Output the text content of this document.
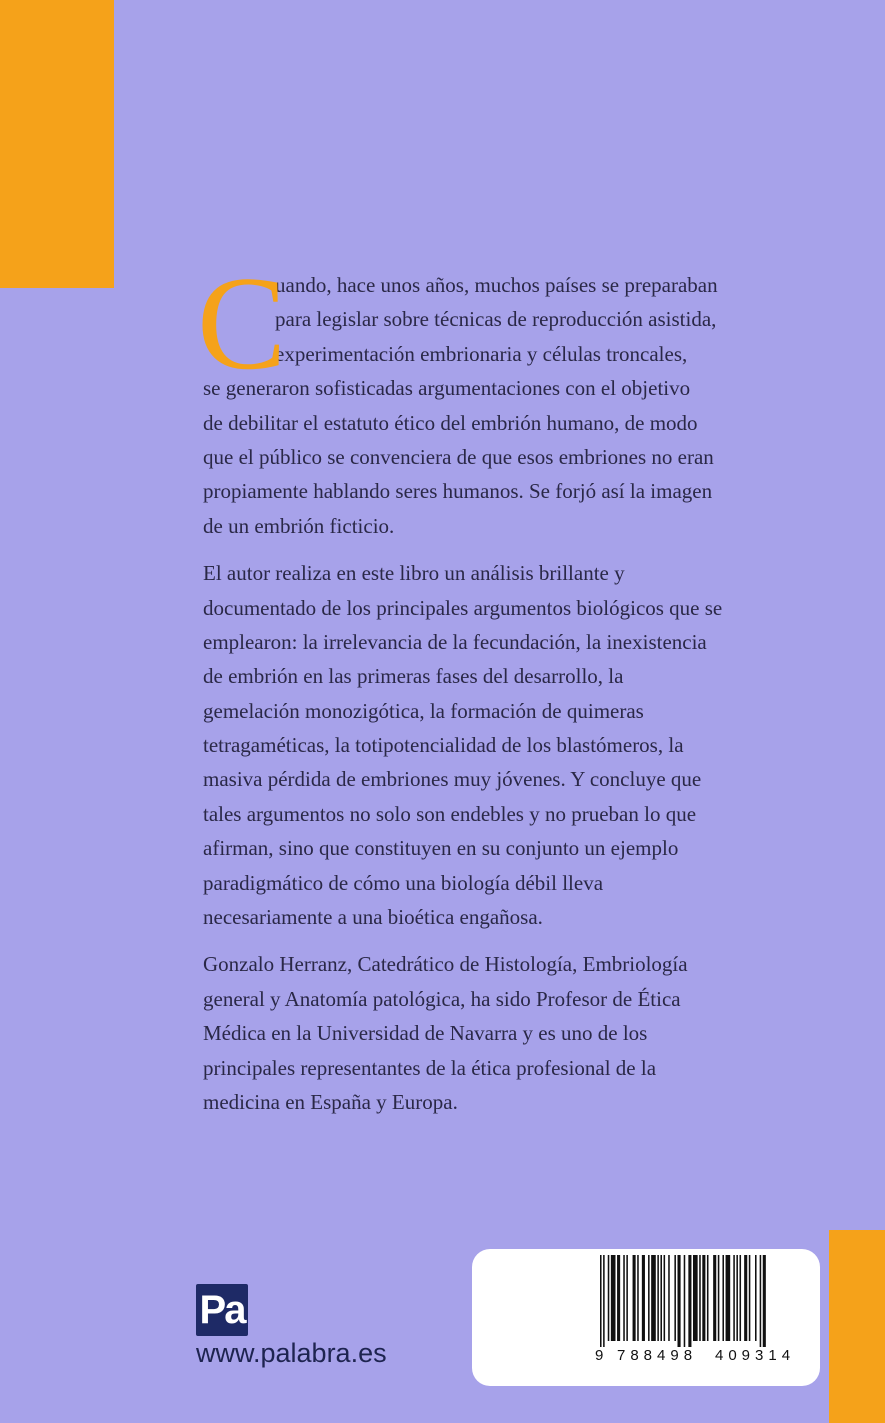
C

uando, hace unos años, muchos países se preparaban
para legislar sobre técnicas de reproducción asistida,
experimentación embrionaria y células troncales,
se generaron sofisticadas argumentaciones con el objetivo
de debilitar el estatuto ético del embrión humano, de modo
que el público se convenciera de que esos embriones no eran
propiamente hablando seres humanos. Se forjó así la imagen
de un embrión ficticio.

El autor realiza en este libro un análisis brillante y
documentado de los principales argumentos biológicos que se
emplearon: la irrelevancia de la fecundación, la inexistencia
de embrión en las primeras fases del desarrollo, la
gemelación monozigótica, la formación de quimeras
tetragaméticas, la totipotencialidad de los blastómeros, la
masiva pérdida de embriones muy jóvenes. Y concluye que
tales argumentos no solo son endebles y no prueban lo que
afirman, sino que constituyen en su conjunto un ejemplo
paradigmático de cómo una biología débil lleva
necesariamente a una bioética engañosa.

Gonzalo Herranz, Catedrático de Histología, Embriología
general y Anatomía patológica, ha sido Profesor de Ética
Médica en la Universidad de Navarra y es uno de los
principales representantes de la ética profesional de la
medicina en España y Europa.

Pa
www.palabra.es	9 788498 409314
